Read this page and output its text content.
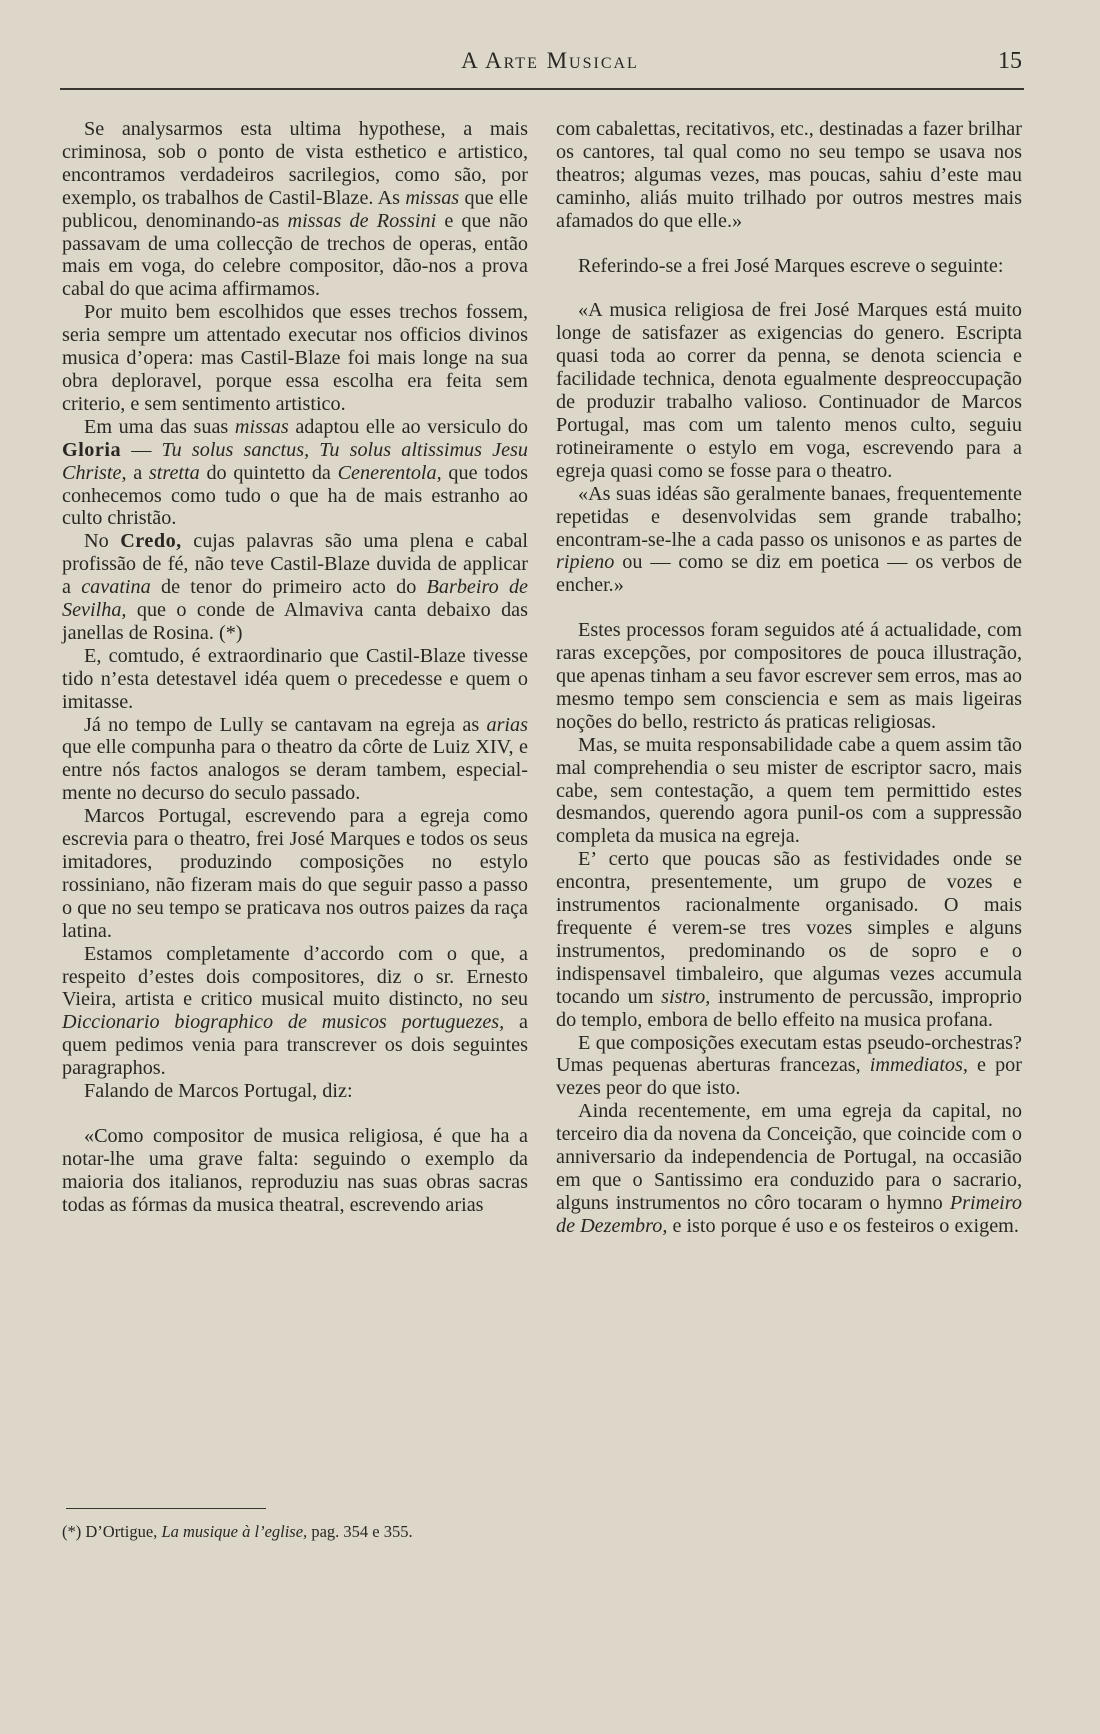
A Arte Musical	15

Se analysarmos esta ultima hypothese, a mais criminosa, sob o ponto de vista esthetico e artistico, encontramos verdadeiros sacrilegios, como são, por exemplo, os trabalhos de Castil-Blaze. As missas que elle publicou, denominando-as missas de Rossini e que não passavam de uma collecção de trechos de operas, então mais em voga, do celebre compositor, dão-nos a prova cabal do que acima affirmamos.

Por muito bem escolhidos que esses trechos fossem, seria sempre um attentado executar nos officios divinos musica d’opera: mas Castil-Blaze foi mais longe na sua obra deploravel, porque essa escolha era feita sem criterio, e sem sentimento artistico.

Em uma das suas missas adaptou elle ao versiculo do Gloria — Tu solus sanctus, Tu solus altissimus Jesu Christe, a stretta do quintetto da Cenerentola, que todos conhecemos como tudo o que ha de mais estranho ao culto christão.

No Credo, cujas palavras são uma plena e cabal profissão de fé, não teve Castil-Blaze duvida de applicar a cavatina de tenor do primeiro acto do Barbeiro de Sevilha, que o conde de Almaviva canta debaixo das janellas de Rosina. (*)

E, comtudo, é extraordinario que Castil-Blaze tivesse tido n’esta detestavel idéa quem o precedesse e quem o imitasse.

Já no tempo de Lully se cantavam na egreja as arias que elle compunha para o theatro da côrte de Luiz XIV, e entre nós factos analogos se deram tambem, especialmente no decurso do seculo passado.

Marcos Portugal, escrevendo para a egreja como escrevia para o theatro, frei José Marques e todos os seus imitadores, produzindo composições no estylo rossiniano, não fizeram mais do que seguir passo a passo o que no seu tempo se praticava nos outros paizes da raça latina.

Estamos completamente d’accordo com o que, a respeito d’estes dois compositores, diz o sr. Ernesto Vieira, artista e critico musical muito distincto, no seu Diccionario biographico de musicos portuguezes, a quem pedimos venia para transcrever os dois seguintes paragraphos.

Falando de Marcos Portugal, diz:

«Como compositor de musica religiosa, é que ha a notar-lhe uma grave falta: seguindo o exemplo da maioria dos italianos, reproduziu nas suas obras sacras todas as fórmas da musica theatral, escrevendo arias

com cabalettas, recitativos, etc., destinadas a fazer brilhar os cantores, tal qual como no seu tempo se usava nos theatros; algumas vezes, mas poucas, sahiu d’este mau caminho, aliás muito trilhado por outros mestres mais afamados do que elle.»

Referindo-se a frei José Marques escreve o seguinte:

«A musica religiosa de frei José Marques está muito longe de satisfazer as exigencias do genero. Escripta quasi toda ao correr da penna, se denota sciencia e facilidade technica, denota egualmente despreoccupação de produzir trabalho valioso. Continuador de Marcos Portugal, mas com um talento menos culto, seguiu rotineiramente o estylo em voga, escrevendo para a egreja quasi como se fosse para o theatro.

«As suas idéas são geralmente banaes, frequentemente repetidas e desenvolvidas sem grande trabalho; encontram-se-lhe a cada passo os unisonos e as partes de ripieno ou — como se diz em poetica — os verbos de encher.»

Estes processos foram seguidos até á actualidade, com raras excepções, por compositores de pouca illustração, que apenas tinham a seu favor escrever sem erros, mas ao mesmo tempo sem consciencia e sem as mais ligeiras noções do bello, restricto ás praticas religiosas.

Mas, se muita responsabilidade cabe a quem assim tão mal comprehendia o seu mister de escriptor sacro, mais cabe, sem contestação, a quem tem permittido estes desmandos, querendo agora punil-os com a suppressão completa da musica na egreja.

E’ certo que poucas são as festividades onde se encontra, presentemente, um grupo de vozes e instrumentos racionalmente organisado. O mais frequente é verem-se tres vozes simples e alguns instrumentos, predominando os de sopro e o indispensavel timbaleiro, que algumas vezes accumula tocando um sistro, instrumento de percussão, improprio do templo, embora de bello effeito na musica profana.

E que composições executam estas pseudo-orchestras? Umas pequenas aberturas francezas, immediatos, e por vezes peor do que isto.

Ainda recentemente, em uma egreja da capital, no terceiro dia da novena da Conceição, que coincide com o anniversario da independencia de Portugal, na occasião em que o Santissimo era conduzido para o sacrario, alguns instrumentos no côro tocaram o hymno Primeiro de Dezembro, e isto porque é uso e os festeiros o exigem.

(*) D’Ortigue, La musique à l’eglise, pag. 354 e 355.
